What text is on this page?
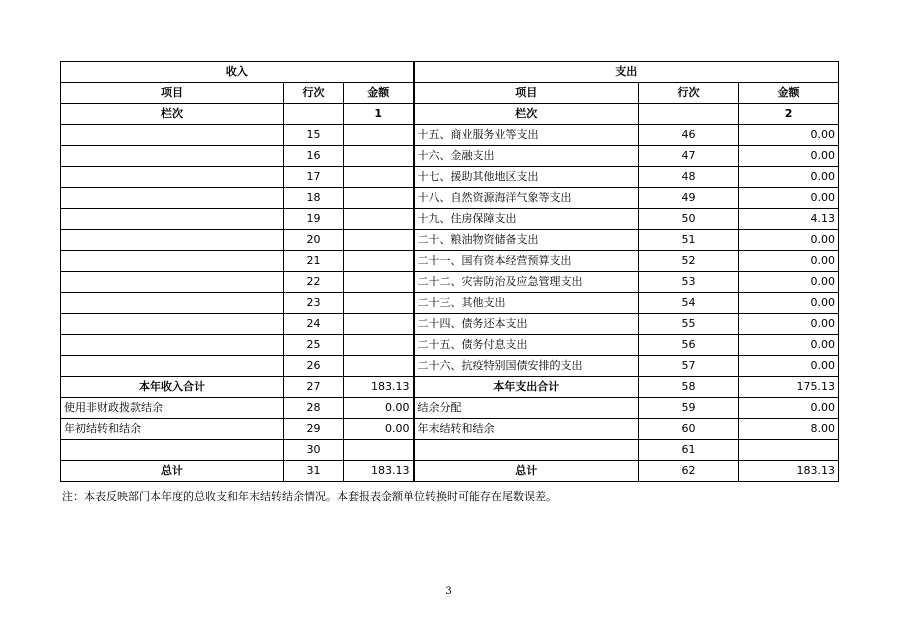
收入			支出		
项目	行次	金额	项目	行次	金额
栏次		1	栏次		2
	15		十五、商业服务业等支出	46	0.00
	16		十六、金融支出	47	0.00
	17		十七、援助其他地区支出	48	0.00
	18		十八、自然资源海洋气象等支出	49	0.00
	19		十九、住房保障支出	50	4.13
	20		二十、粮油物资储备支出	51	0.00
	21		二十一、国有资本经营预算支出	52	0.00
	22		二十二、灾害防治及应急管理支出	53	0.00
	23		二十三、其他支出	54	0.00
	24		二十四、债务还本支出	55	0.00
	25		二十五、债务付息支出	56	0.00
	26		二十六、抗疫特别国债安排的支出	57	0.00
本年收入合计	27	183.13	本年支出合计	58	175.13
使用非财政拨款结余	28	0.00	结余分配	59	0.00
年初结转和结余	29	0.00	年末结转和结余	60	8.00
	30			61	
总计	31	183.13	总计	62	183.13
注：本表反映部门本年度的总收支和年末结转结余情况。本套报表金额单位转换时可能存在尾数误差。
3
